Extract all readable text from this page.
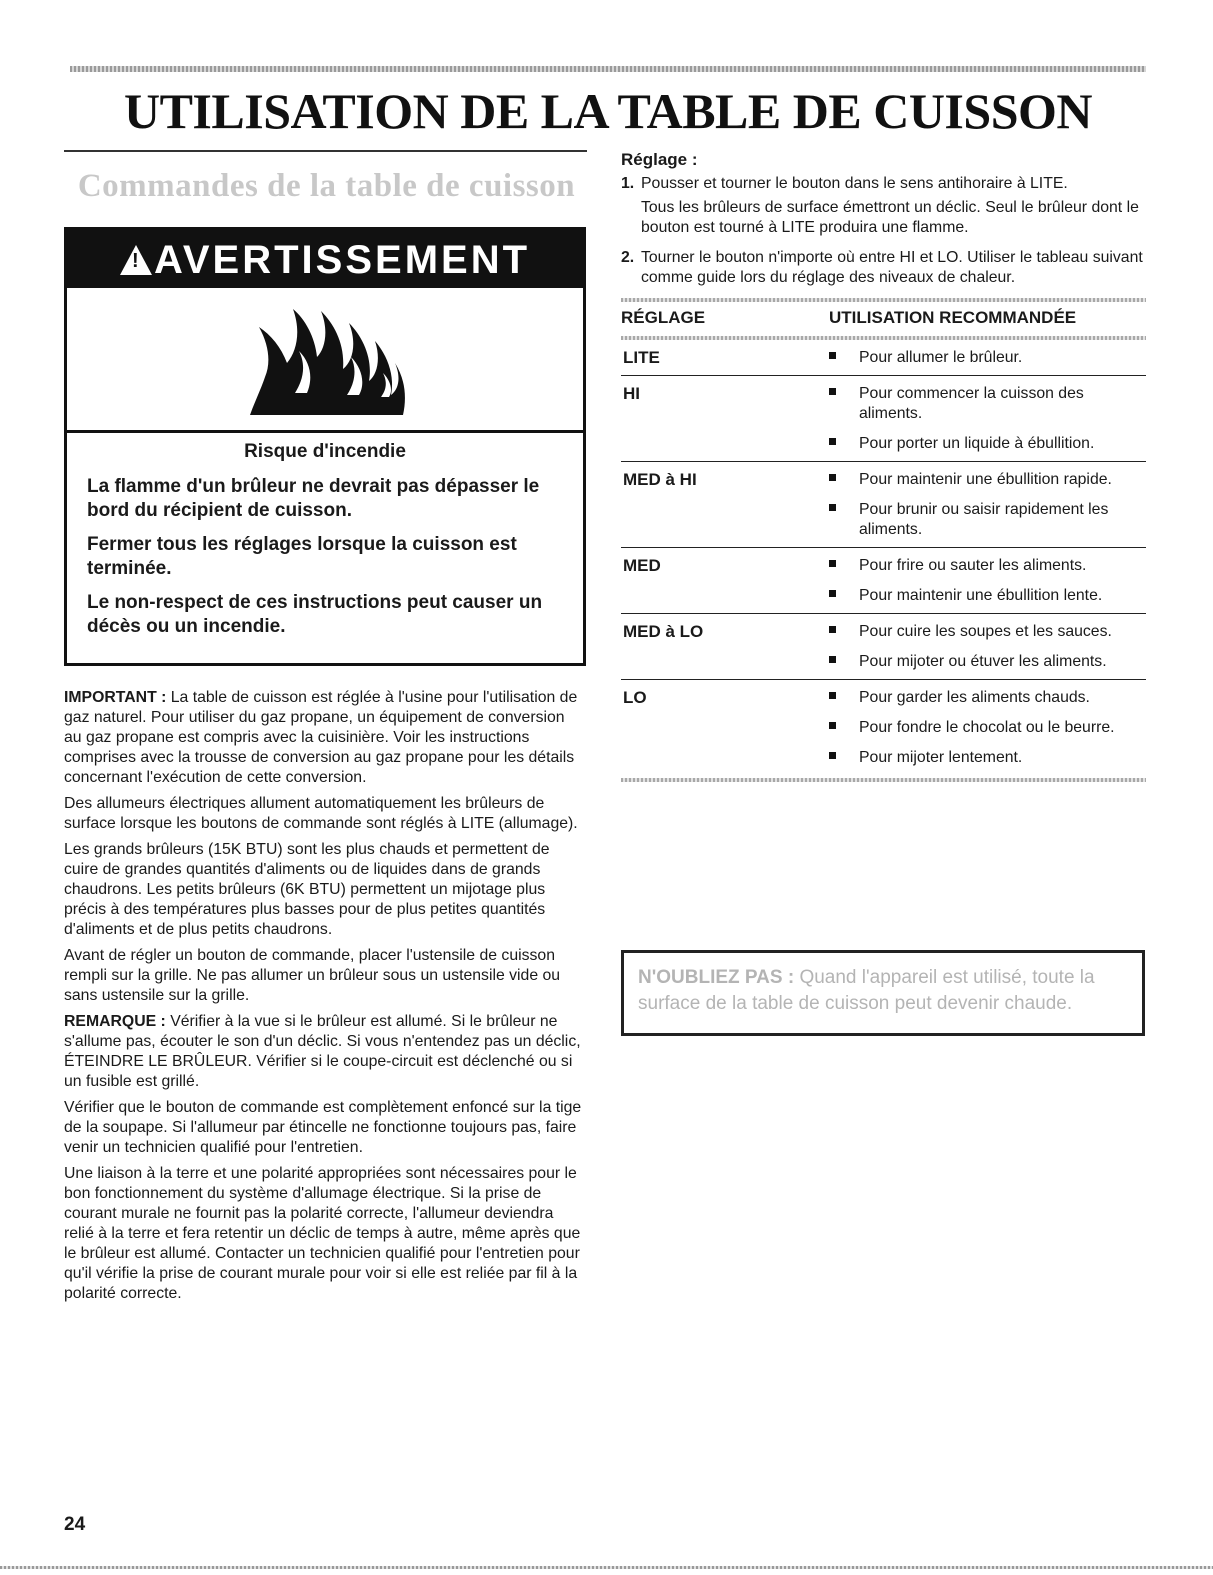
UTILISATION DE LA TABLE DE CUISSON
Commandes de la table de cuisson
!AVERTISSEMENT
Risque d'incendie

La flamme d'un brûleur ne devrait pas dépasser le bord du récipient de cuisson.

Fermer tous les réglages lorsque la cuisson est terminée.

Le non-respect de ces instructions peut causer un décès ou un incendie.

IMPORTANT : La table de cuisson est réglée à l'usine pour l'utilisation de gaz naturel. Pour utiliser du gaz propane, un équipement de conversion au gaz propane est compris avec la cuisinière. Voir les instructions comprises avec la trousse de conversion au gaz propane pour les détails concernant l'exécution de cette conversion.

Des allumeurs électriques allument automatiquement les brûleurs de surface lorsque les boutons de commande sont réglés à LITE (allumage).

Les grands brûleurs (15K BTU) sont les plus chauds et permettent de cuire de grandes quantités d'aliments ou de liquides dans de grands chaudrons. Les petits brûleurs (6K BTU) permettent un mijotage plus précis à des températures plus basses pour de plus petites quantités d'aliments et de plus petits chaudrons.

Avant de régler un bouton de commande, placer l'ustensile de cuisson rempli sur la grille. Ne pas allumer un brûleur sous un ustensile vide ou sans ustensile sur la grille.

REMARQUE : Vérifier à la vue si le brûleur est allumé. Si le brûleur ne s'allume pas, écouter le son d'un déclic. Si vous n'entendez pas un déclic, ÉTEINDRE LE BRÛLEUR. Vérifier si le coupe-circuit est déclenché ou si un fusible est grillé.

Vérifier que le bouton de commande est complètement enfoncé sur la tige de la soupape. Si l'allumeur par étincelle ne fonctionne toujours pas, faire venir un technicien qualifié pour l'entretien.

Une liaison à la terre et une polarité appropriées sont nécessaires pour le bon fonctionnement du système d'allumage électrique. Si la prise de courant murale ne fournit pas la polarité correcte, l'allumeur deviendra relié à la terre et fera retentir un déclic de temps à autre, même après que le brûleur est allumé. Contacter un technicien qualifié pour l'entretien pour qu'il vérifie la prise de courant murale pour voir si elle est reliée par fil à la polarité correcte.

Réglage :
1. Pousser et tourner le bouton dans le sens antihoraire à LITE.

Tous les brûleurs de surface émettront un déclic. Seul le brûleur dont le bouton est tourné à LITE produira une flamme.

2. Tourner le bouton n'importe où entre HI et LO. Utiliser le tableau suivant comme guide lors du réglage des niveaux de chaleur.

RÉGLAGE	UTILISATION RECOMMANDÉE
LITE	Pour allumer le brûleur.
HI	Pour commencer la cuisson des aliments.
Pour porter un liquide à ébullition.
MED à HI	Pour maintenir une ébullition rapide.
Pour brunir ou saisir rapidement les aliments.
MED	Pour frire ou sauter les aliments.
Pour maintenir une ébullition lente.
MED à LO	Pour cuire les soupes et les sauces.
Pour mijoter ou étuver les aliments.
LO	Pour garder les aliments chauds.
Pour fondre le chocolat ou le beurre.
Pour mijoter lentement.
N'OUBLIEZ PAS : Quand l'appareil est utilisé, toute la surface de la table de cuisson peut devenir chaude.
24
